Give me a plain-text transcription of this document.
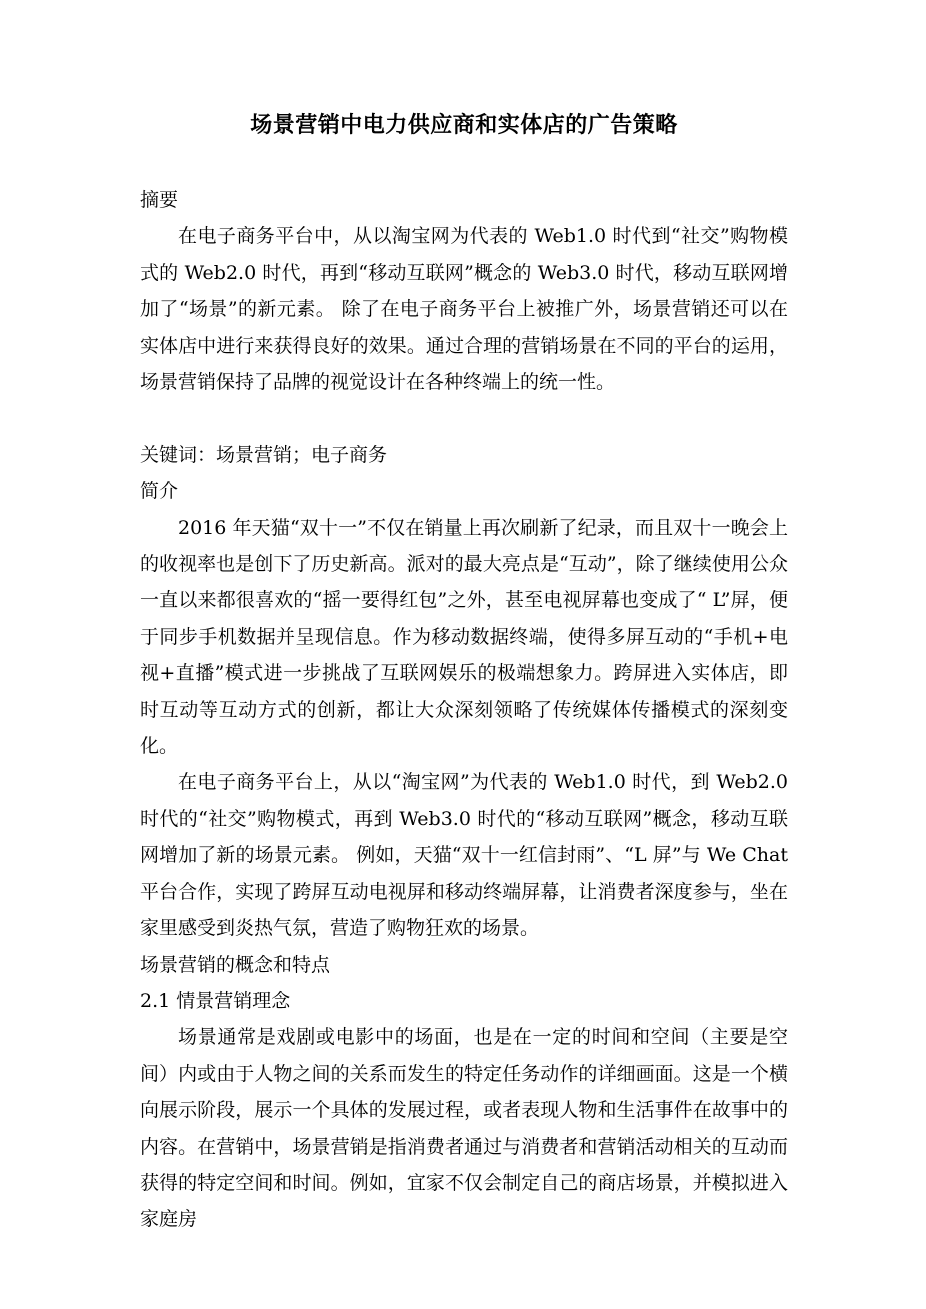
场景营销中电力供应商和实体店的广告策略

摘要

在电子商务平台中，从以淘宝网为代表的 Web1.0 时代到“社交”购物模式的 Web2.0 时代，再到“移动互联网”概念的 Web3.0 时代，移动互联网增加了“场景”的新元素。 除了在电子商务平台上被推广外，场景营销还可以在实体店中进行来获得良好的效果。通过合理的营销场景在不同的平台的运用，场景营销保持了品牌的视觉设计在各种终端上的统一性。

关键词：场景营销；电子商务

简介

2016 年天猫“双十一”不仅在销量上再次刷新了纪录，而且双十一晚会上的收视率也是创下了历史新高。派对的最大亮点是“互动”，除了继续使用公众一直以来都很喜欢的“摇一要得红包”之外，甚至电视屏幕也变成了“ L”屏，便于同步手机数据并呈现信息。作为移动数据终端，使得多屏互动的“手机+电视+直播”模式进一步挑战了互联网娱乐的极端想象力。跨屏进入实体店，即时互动等互动方式的创新，都让大众深刻领略了传统媒体传播模式的深刻变化。

在电子商务平台上，从以“淘宝网”为代表的 Web1.0 时代，到 Web2.0 时代的“社交”购物模式，再到 Web3.0 时代的“移动互联网”概念，移动互联网增加了新的场景元素。 例如，天猫“双十一红信封雨”、“L 屏”与 We Chat 平台合作，实现了跨屏互动电视屏和移动终端屏幕，让消费者深度参与，坐在家里感受到炎热气氛，营造了购物狂欢的场景。

场景营销的概念和特点

2.1 情景营销理念

场景通常是戏剧或电影中的场面，也是在一定的时间和空间（主要是空间）内或由于人物之间的关系而发生的特定任务动作的详细画面。这是一个横向展示阶段，展示一个具体的发展过程，或者表现人物和生活事件在故事中的内容。在营销中，场景营销是指消费者通过与消费者和营销活动相关的互动而获得的特定空间和时间。例如，宜家不仅会制定自己的商店场景，并模拟进入家庭房
